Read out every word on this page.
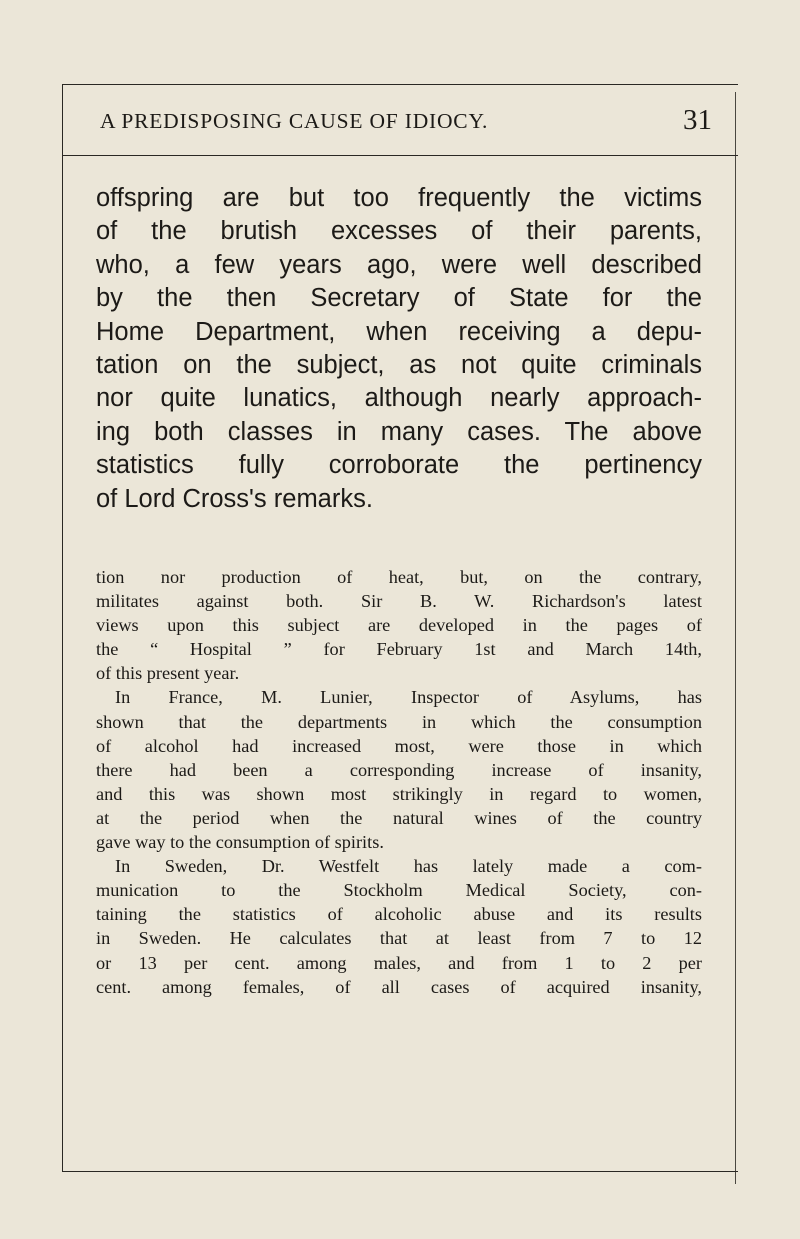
A PREDISPOSING CAUSE OF IDIOCY.	31
offspring are but too frequently the victims
of the brutish excesses of their parents,
who, a few years ago, were well described
by the then Secretary of State for the
Home Department, when receiving a depu-
tation on the subject, as not quite criminals
nor quite lunatics, although nearly approach-
ing both classes in many cases. The above
statistics fully corroborate the pertinency
of Lord Cross's remarks.
tion nor production of heat, but, on the contrary,
militates against both. Sir B. W. Richardson's latest
views upon this subject are developed in the pages of
the “ Hospital ” for February 1st and March 14th,
of this present year.
In France, M. Lunier, Inspector of Asylums, has
shown that the departments in which the consumption
of alcohol had increased most, were those in which
there had been a corresponding increase of insanity,
and this was shown most strikingly in regard to women,
at the period when the natural wines of the country
gave way to the consumption of spirits.
In Sweden, Dr. Westfelt has lately made a com-
munication to the Stockholm Medical Society, con-
taining the statistics of alcoholic abuse and its results
in Sweden. He calculates that at least from 7 to 12
or 13 per cent. among males, and from 1 to 2 per
cent. among females, of all cases of acquired insanity,
